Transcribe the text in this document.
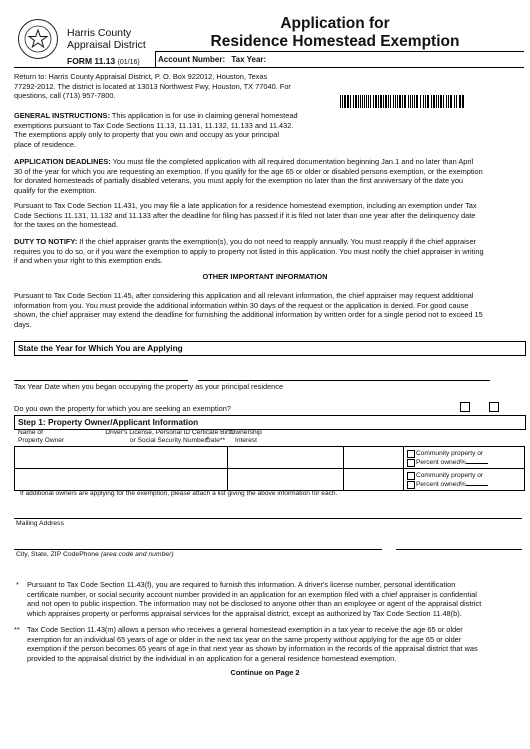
Harris County
Appraisal District
FORM 11.13 (01/16)
Application for
Residence Homestead Exemption
Account Number: Tax Year:
Return to: Harris County Appraisal District, P. O. Box 922012, Houston, Texas
77292-2012. The district is located at 13013 Northwest Fwy, Houston, TX 77040. For
questions, call (713) 957-7800.
GENERAL INSTRUCTIONS: This application is for use in claiming general homestead
exemptions pursuant to Tax Code Sections 11.13, 11.131, 11.132, 11.133 and 11.432.
The exemptions apply only to property that you own and occupy as your principal
place of residence.
APPLICATION DEADLINES: You must file the completed application with all required documentation beginning Jan.1 and no later than April
30 of the year for which you are requesting an exemption. If you qualify for the age 65 or older or disabled persons exemption, or the exemption
for donated homesteads of partially disabled veterans, you must apply for the exemption no later than the first anniversary of the date you
qualify for the exemption.
Pursuant to Tax Code Section 11.431, you may file a late application for a residence homestead exemption, including an exemption under Tax
Code Sections 11.131, 11.132 and 11.133 after the deadline for filing has passed if it is filed not later than one year after the delinquency date
for the taxes on the homestead.
DUTY TO NOTIFY: If the chief appraiser grants the exemption(s), you do not need to reapply annually. You must reapply if the chief appraiser
requires you to do so, or if you want the exemption to apply to property not listed in this application. You must notify the chief appraiser in writing
if and when your right to this exemption ends.
OTHER IMPORTANT INFORMATION
Pursuant to Tax Code Section 11.45, after considering this application and all relevant information, the chief appraiser may request additional
information from you. You must provide the additional information within 30 days of the request or the application is denied. For good cause
shown, the chief appraiser may extend the deadline for furnishing the additional information by written order for a single period not to exceed 15
days.
State the Year for Which You are Applying
Tax Year Date when you began occupying the property as your principal residence
Do you own the property for which you are seeking an exemption?
Step 1: Property Owner/Applicant Information
Name of
Property Owner
Driver's License, Personal ID Certicate Birth
or Social Security Number*
Date**
Ownership
Interest
Community property or
Percent owned%
Community property or
Percent owned%
If additional owners are applying for the exemption, please attach a list giving the above information for each.
Mailing Address
City, State, ZIP CodePhone (area code and number)
* Pursuant to Tax Code Section 11.43(f), you are required to furnish this information. A driver's license number, personal identification
certificate number, or social security account number provided in an application for an exemption filed with a chief appraiser is confidential
and not open to public inspection. The information may not be disclosed to anyone other than an employee or agent of the appraisal district
which appraises property or performs appraisal services for the appraisal district, except as authorized by Tax Code Section 11.48(b).
** Tax Code Section 11.43(m) allows a person who receives a general homestead exemption in a tax year to receive the age 65 or older
exemption for an individual 65 years of age or older in the next tax year on the same property without applying for the age 65 or older
exemption if the person becomes 65 years of age in that next year as shown by information in the records of the appraisal district that was
provided to the appraisal district by the individual in an application for a general residence homestead exemption.
Continue on Page 2
